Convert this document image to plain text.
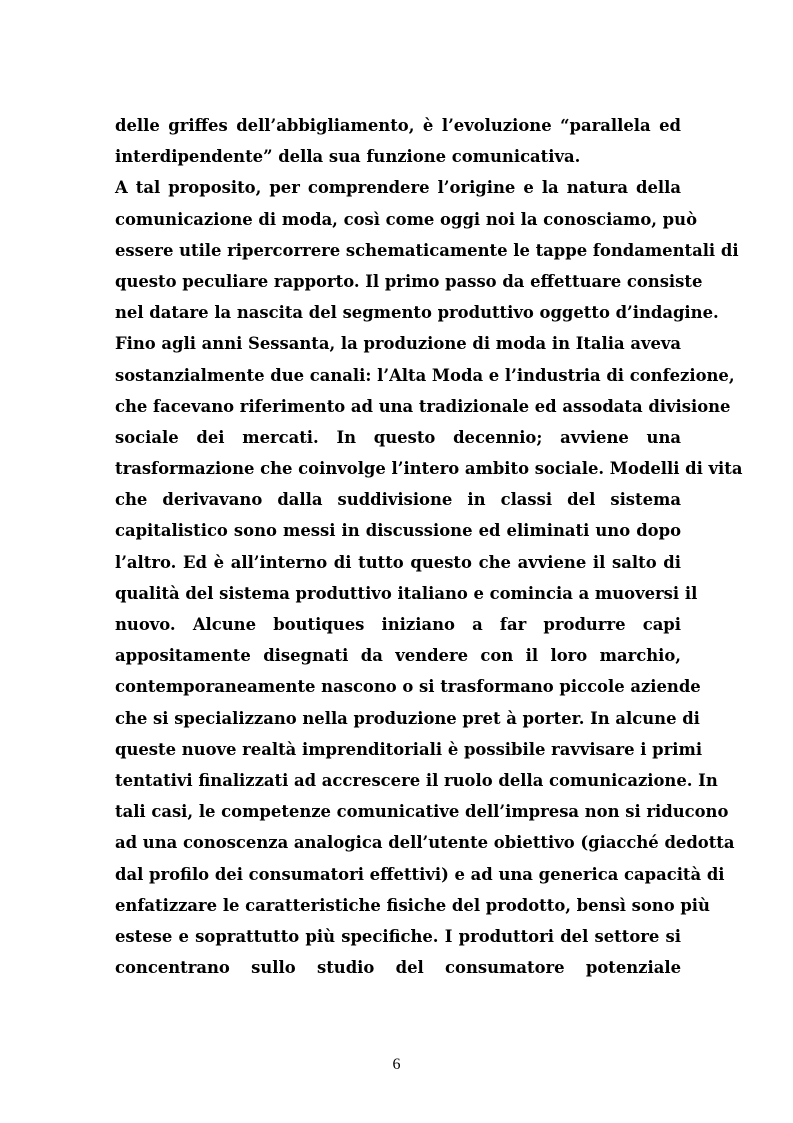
delle griffes dell’abbigliamento, è l’evoluzione “parallela ed
interdipendente” della sua funzione comunicativa.
A tal proposito, per comprendere l’origine e la natura della
comunicazione di moda, così come oggi noi la conosciamo, può
essere utile ripercorrere schematicamente le tappe fondamentali di
questo peculiare rapporto. Il primo passo da effettuare consiste
nel datare la nascita del segmento produttivo oggetto d’indagine.
Fino agli anni Sessanta, la produzione di moda in Italia aveva
sostanzialmente due canali: l’Alta Moda e l’industria di confezione,
che facevano riferimento ad una tradizionale ed assodata divisione
sociale dei mercati. In questo decennio; avviene una
trasformazione che coinvolge l’intero ambito sociale. Modelli di vita
che derivavano dalla suddivisione in classi del sistema
capitalistico sono messi in discussione ed eliminati uno dopo
l’altro. Ed è all’interno di tutto questo che avviene il salto di
qualità del sistema produttivo italiano e comincia a muoversi il
nuovo. Alcune boutiques iniziano a far produrre capi
appositamente disegnati da vendere con il loro marchio,
contemporaneamente nascono o si trasformano piccole aziende
che si specializzano nella produzione pret à porter. In alcune di
queste nuove realtà imprenditoriali è possibile ravvisare i primi
tentativi finalizzati ad accrescere il ruolo della comunicazione. In
tali casi, le competenze comunicative dell’impresa non si riducono
ad una conoscenza analogica dell’utente obiettivo (giacché dedotta
dal profilo dei consumatori effettivi) e ad una generica capacità di
enfatizzare le caratteristiche fisiche del prodotto, bensì sono più
estese e soprattutto più specifiche. I produttori del settore si
concentrano sullo studio del consumatore potenziale
6
